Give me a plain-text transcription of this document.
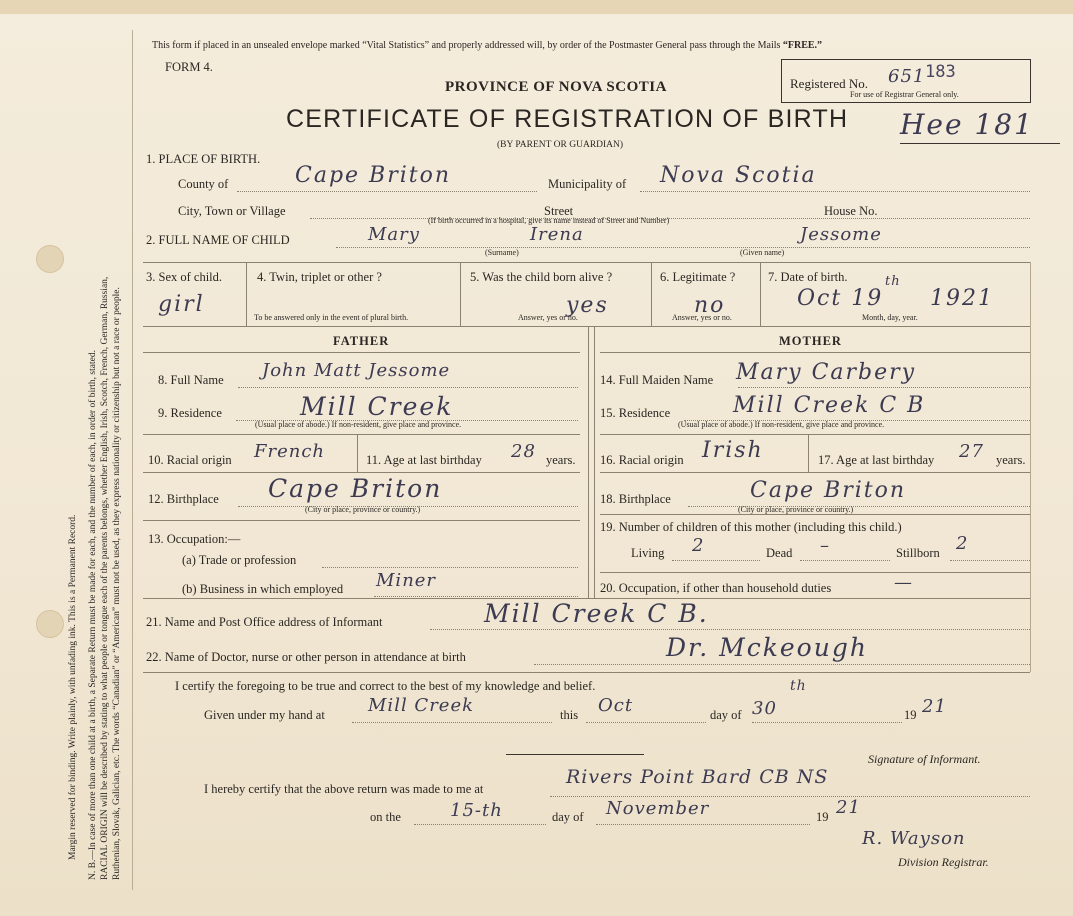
Margin reserved for binding. Write plainly, with unfading ink. This is a Permanent Record. N. B.—In case of more than one child at a birth, a Separate Return must be made for each, and the number of each, in order of birth, stated. RACIAL ORIGIN will be described by stating to what people or tongue each of the parents belongs, whether English, Irish, Scotch, French, German, Russian, Ruthenian, Slovak, Galician, etc. The words “Canadian” or “American” must not be used, as they express nationality or citizenship but not a race or people.
This form if placed in an unsealed envelope marked “Vital Statistics” and properly addressed will, by order of the Postmaster General pass through the Mails “FREE.”
FORM 4.
PROVINCE OF NOVA SCOTIA
CERTIFICATE OF REGISTRATION OF BIRTH
(BY PARENT OR GUARDIAN)
Registered No. 651 183
For use of Registrar General only.
Hee 181
1. PLACE OF BIRTH.
County of	Cape Briton	Municipality of Nova Scotia
City, Town or Village	Street	House No.
(If birth occurred in a hospital, give its name instead of Street and Number)
2. FULL NAME OF CHILD	Mary	Irena	Jessome
(Surname)	(Given name)
3. Sex of child.
girl
4. Twin, triplet or other ?
To be answered only in the event of plural birth.
5. Was the child born alive ?
yes
Answer, yes or no.
6. Legitimate ?
no
Answer, yes or no.
7. Date of birth.
Oct 19
th
1921
Month, day, year.
FATHER	MOTHER
8. Full Name John Matt Jessome
9. Residence	Mill Creek
(Usual place of abode.) If non-resident, give place and province.
10. Racial origin French	11. Age at last birthday 28 years.
12. Birthplace Cape Briton
(City or place, province or country.)
13. Occupation:—
(a) Trade or profession
(b) Business in which employed Miner
14. Full Maiden Name Mary Carbery
15. Residence	Mill Creek C B
(Usual place of abode.) If non-resident, give place and province.
16. Racial origin Irish	17. Age at last birthday 27 years.
18. Birthplace	Cape Briton
(City or place, province or country.)
19. Number of children of this mother (including this child.)
Living 2	Dead –	Stillborn 2
20. Occupation, if other than household duties	—
21. Name and Post Office address of Informant	Mill Creek C B.
22. Name of Doctor, nurse or other person in attendance at birth	Dr. Mckeough
I certify the foregoing to be true and correct to the best of my knowledge and belief.
Given under my hand at Mill Creek	this Oct	day of 30
th
19 21
Signature of Informant.
I hereby certify that the above return was made to me at
Rivers Point Bard CB NS
on the	15-th	day of November	19 21
R. Wayson
Division Registrar.
